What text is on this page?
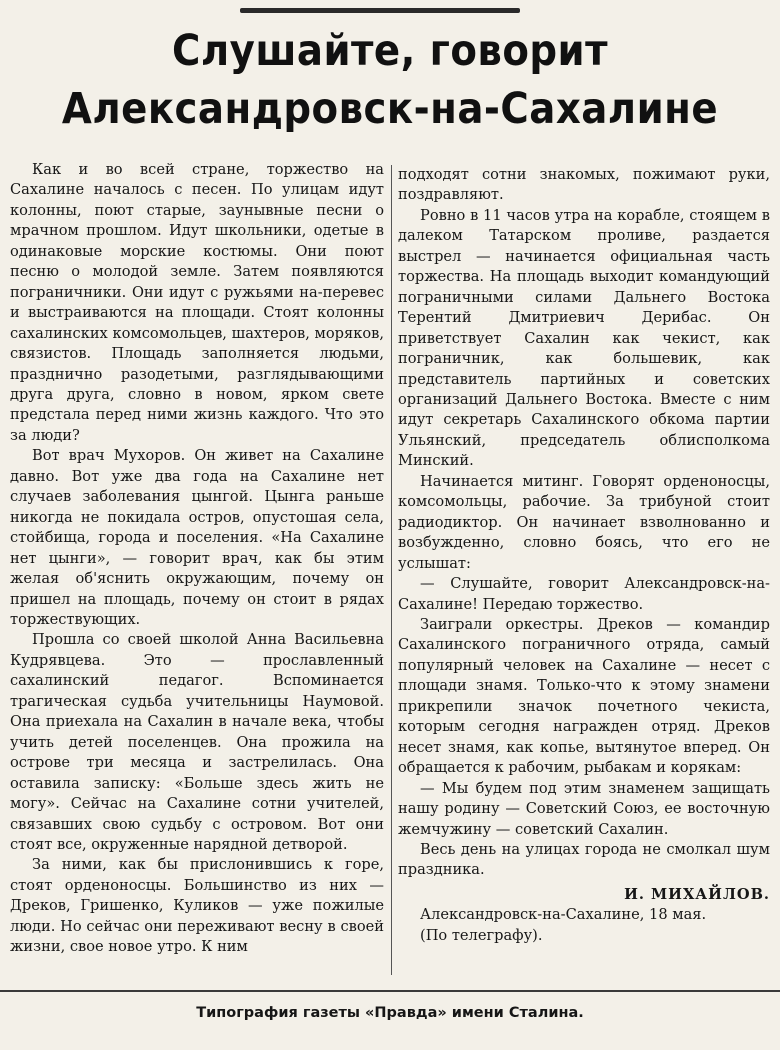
Слушайте, говорит
Александровск-на-Сахалине

Как и во всей стране, торжество на Сахалине началось с песен. По улицам идут колонны, поют старые, заунывные песни о мрачном прошлом. Идут школьники, одетые в одинаковые морские костюмы. Они поют песню о молодой земле. Затем появляются пограничники. Они идут с ружьями на-перевес и выстраиваются на площади. Стоят колонны сахалинских комсомольцев, шахтеров, моряков, связистов. Площадь заполняется людьми, празднично разодетыми, разглядывающими друга друга, словно в новом, ярком свете предстала перед ними жизнь каждого. Что это за люди?

Вот врач Мухоров. Он живет на Сахалине давно. Вот уже два года на Сахалине нет случаев заболевания цынгой. Цынга раньше никогда не покидала остров, опустошая села, стойбища, города и поселения. «На Сахалине нет цынги», — говорит врач, как бы этим желая об'яснить окружающим, почему он пришел на площадь, почему он стоит в рядах торжествующих.

Прошла со своей школой Анна Васильевна Кудрявцева. Это — прославленный сахалинский педагог. Вспоминается трагическая судьба учительницы Наумовой. Она приехала на Сахалин в начале века, чтобы учить детей поселенцев. Она прожила на острове три месяца и застрелилась. Она оставила записку: «Больше здесь жить не могу». Сейчас на Сахалине сотни учителей, связавших свою судьбу с островом. Вот они стоят все, окруженные нарядной детворой.

За ними, как бы прислонившись к горе, стоят орденоносцы. Большинство из них — Дреков, Гришенко, Куликов — уже пожилые люди. Но сейчас они переживают весну в своей жизни, свое новое утро. К ним

подходят сотни знакомых, пожимают руки, поздравляют.

Ровно в 11 часов утра на корабле, стоящем в далеком Татарском проливе, раздается выстрел — начинается официальная часть торжества. На площадь выходит командующий пограничными силами Дальнего Востока Терентий Дмитриевич Дерибас. Он приветствует Сахалин как чекист, как пограничник, как большевик, как представитель партийных и советских организаций Дальнего Востока. Вместе с ним идут секретарь Сахалинского обкома партии Ульянский, председатель облисполкома Минский.

Начинается митинг. Говорят орденоносцы, комсомольцы, рабочие. За трибуной стоит радиодиктор. Он начинает взволнованно и возбужденно, словно боясь, что его не услышат:

— Слушайте, говорит Александровск-на-Сахалине! Передаю торжество.

Заиграли оркестры. Дреков — командир Сахалинского пограничного отряда, самый популярный человек на Сахалине — несет с площади знамя. Только-что к этому знамени прикрепили значок почетного чекиста, которым сегодня награжден отряд. Дреков несет знамя, как копье, вытянутое вперед. Он обращается к рабочим, рыбакам и корякам:

— Мы будем под этим знаменем защищать нашу родину — Советский Союз, ее восточную жемчужину — советский Сахалин.

Весь день на улицах города не смолкал шум праздника.

И. МИХАЙЛОВ.

Александровск-на-Сахалине, 18 мая.

(По телеграфу).

Типография газеты «Правда» имени Сталина.
